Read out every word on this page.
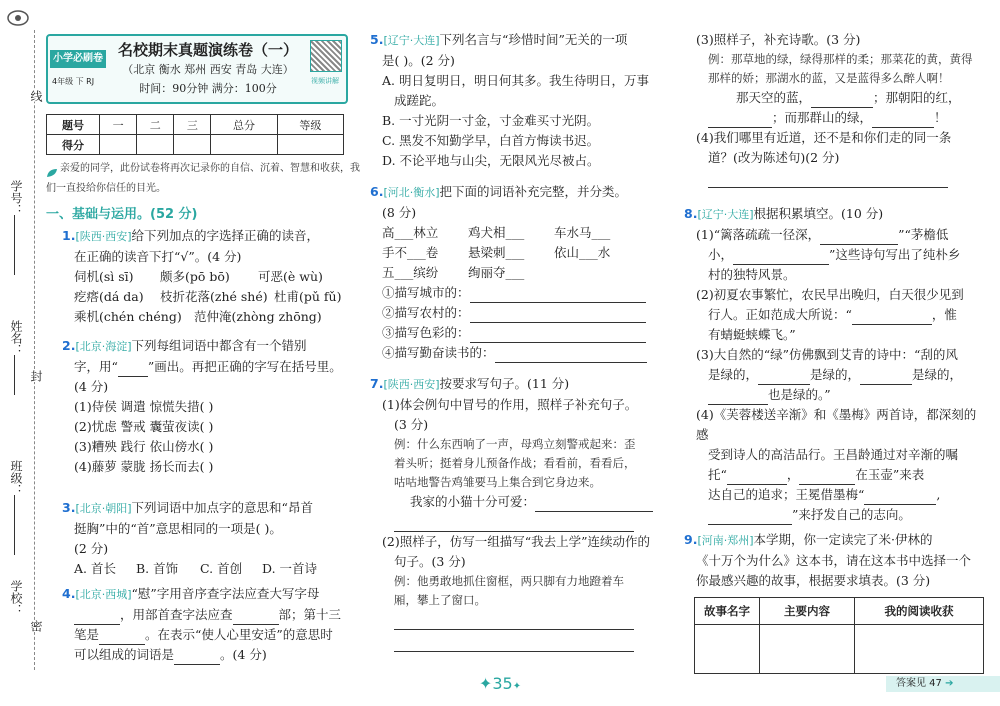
线
学号：
姓名：
封
班级：
学校：
密
小学必刷卷
4年级 下 RJ
名校期末真题演练卷（一）
（北京 衡水 郑州 西安 青岛 大连）
时间：90分钟 满分：100分
视频讲解
题号	一	二	三	总分	等级
得分					
亲爱的同学，此份试卷将再次记录你的自信、沉着、智慧和收获，我
们一直投给你信任的目光。
一、基础与运用。(52 分)
1.[陕西·西安]给下列加点的字选择正确的读音，
在正确的读音下打“√”。(4 分)
伺机(sì sī) 颇多(pō bō) 可恶(è wù)
疙瘩(dá da) 枝折花落(zhé shé) 杜甫(pǔ fǔ)
乘机(chén chéng) 范仲淹(zhòng zhōng)
2.[北京·海淀]下列每组词语中都含有一个错别
字，用“ ”画出。再把正确的字写在括号里。
(4 分)
(1)侍侯 调遣 惊慌失措( )
(2)忧虑 警戒 囊萤夜读( )
(3)糟殃 践行 依山傍水( )
(4)藤萝 蒙胧 扬长而去( )
3.[北京·朝阳]下列词语中加点字的意思和“昂首
挺胸”中的“首”意思相同的一项是( )。
(2 分)
A. 首长 B. 首饰 C. 首创 D. 一首诗
4.[北京·西城]“慰”字用音序查字法应查大写字母
，用部首查字法应查	部；第十三
笔是	。在表示“使人心里安适”的意思时
可以组成的词语是	。(4 分)
5.[辽宁·大连]下列名言与“珍惜时间”无关的一项
是( )。(2 分)
A. 明日复明日，明日何其多。我生待明日，万事
成蹉跎。
B. 一寸光阴一寸金，寸金难买寸光阴。
C. 黑发不知勤学早，白首方悔读书迟。
D. 不论平地与山尖，无限风光尽被占。
6.[河北·衡水]把下面的词语补充完整，并分类。
(8 分)
高___林立 鸡犬相___ 车水马___
手不___卷 悬梁刺___ 依山___水
五___缤纷 绚丽夺___
①描写城市的：
②描写农村的：
③描写色彩的：
④描写勤奋读书的：
7.[陕西·西安]按要求写句子。(11 分)
(1)体会例句中冒号的作用，照样子补充句子。
(3 分)
例：什么东西响了一声，母鸡立刻警戒起来：歪
着头听；挺着身儿预备作战；看看前，看看后，
咕咕地警告鸡雏要马上集合到它身边来。
我家的小猫十分可爱：
(2)照样子，仿写一组描写“我去上学”连续动作的
句子。(3 分)
例：他勇敢地抓住窗框，两只脚有力地蹬着车
厢，攀上了窗口。
(3)照样子，补充诗歌。(3 分)
例：那草地的绿，绿得那样的柔；那菜花的黄，黄得
那样的娇；那湖水的蓝，又是蓝得多么醉人啊！
那天空的蓝，	；那朝阳的红，
；而那群山的绿，	！
(4)我们哪里有近道，还不是和你们走的同一条
道？(改为陈述句)(2 分)
8.[辽宁·大连]根据积累填空。(10 分)
(1)“篱落疏疏一径深，	”“茅檐低
小，	”这些诗句写出了纯朴乡
村的独特风景。
(2)初夏农事繁忙，农民早出晚归，白天很少见到
行人。正如范成大所说：“	，惟
有蜻蜓蛱蝶飞。”
(3)大自然的“绿”仿佛飘到艾青的诗中：“刮的风
是绿的，	是绿的，	是绿的，
也是绿的。”
(4)《芙蓉楼送辛渐》和《墨梅》两首诗，都深刻的感
受到诗人的高洁品行。王昌龄通过对辛渐的嘱
托“	，	在玉壶”来表
达自己的追求；王冕借墨梅“	,
”来抒发自己的志向。
9.[河南·郑州]本学期，你一定读完了米·伊林的
《十万个为什么》这本书，请在这本书中选择一个
你最感兴趣的故事，根据要求填表。(3 分)
故事名字	主要内容	我的阅读收获

✦35✦	答案见 47 ➔
